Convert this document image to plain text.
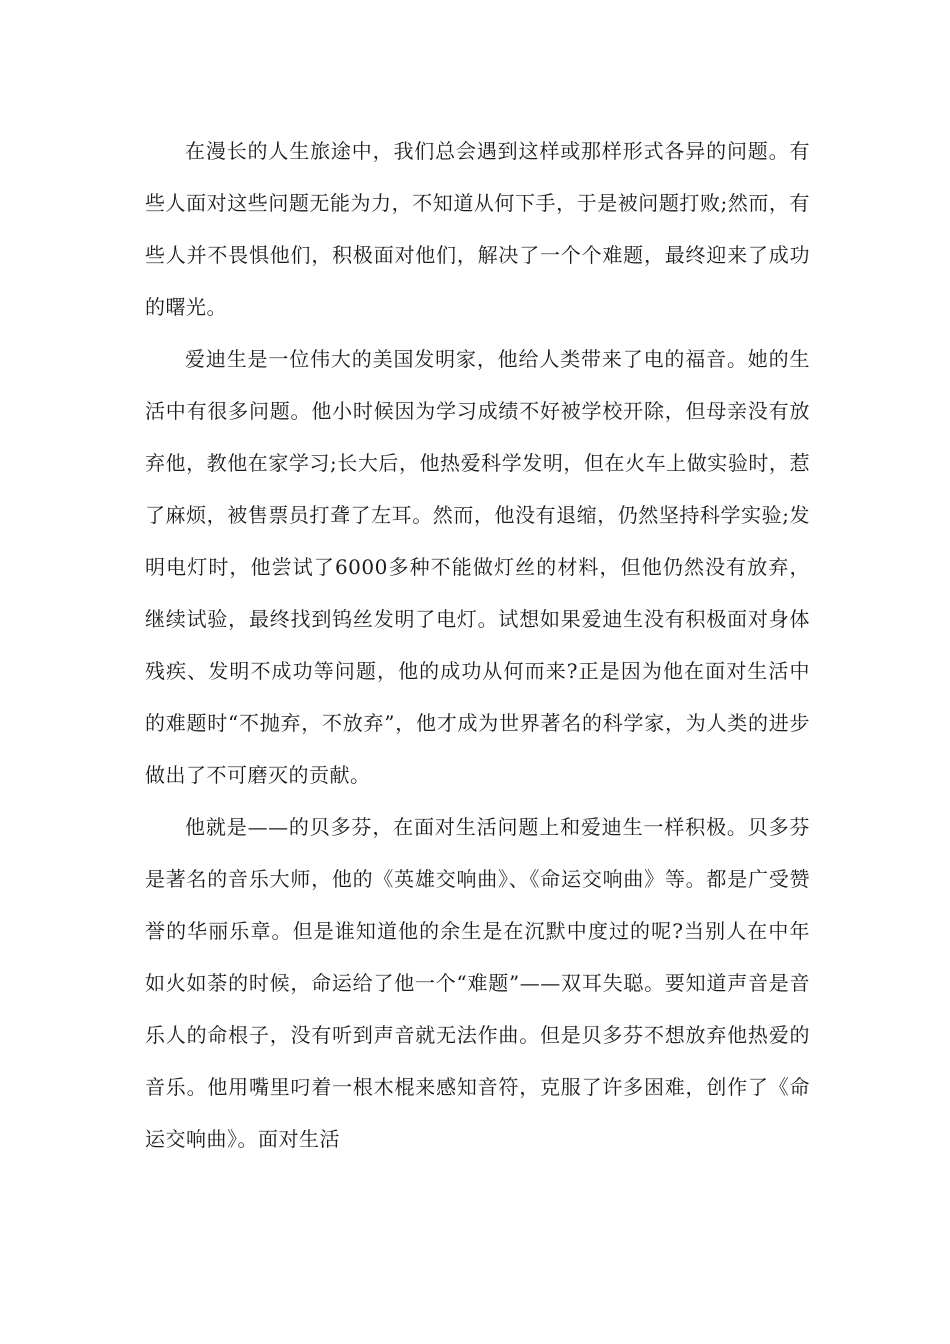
在漫长的人生旅途中，我们总会遇到这样或那样形式各异的问题。有些人面对这些问题无能为力，不知道从何下手，于是被问题打败;然而，有些人并不畏惧他们，积极面对他们，解决了一个个难题，最终迎来了成功的曙光。

爱迪生是一位伟大的美国发明家，他给人类带来了电的福音。她的生活中有很多问题。他小时候因为学习成绩不好被学校开除，但母亲没有放弃他，教他在家学习;长大后，他热爱科学发明，但在火车上做实验时，惹了麻烦，被售票员打聋了左耳。然而，他没有退缩，仍然坚持科学实验;发明电灯时，他尝试了6000多种不能做灯丝的材料，但他仍然没有放弃，继续试验，最终找到钨丝发明了电灯。试想如果爱迪生没有积极面对身体残疾、发明不成功等问题，他的成功从何而来?正是因为他在面对生活中的难题时“不抛弃，不放弃”，他才成为世界著名的科学家，为人类的进步做出了不可磨灭的贡献。

他就是——的贝多芬，在面对生活问题上和爱迪生一样积极。贝多芬是著名的音乐大师，他的《英雄交响曲》、《命运交响曲》等。都是广受赞誉的华丽乐章。但是谁知道他的余生是在沉默中度过的呢?当别人在中年如火如荼的时候，命运给了他一个“难题”——双耳失聪。要知道声音是音乐人的命根子，没有听到声音就无法作曲。但是贝多芬不想放弃他热爱的音乐。他用嘴里叼着一根木棍来感知音符，克服了许多困难，创作了《命运交响曲》。面对生活
